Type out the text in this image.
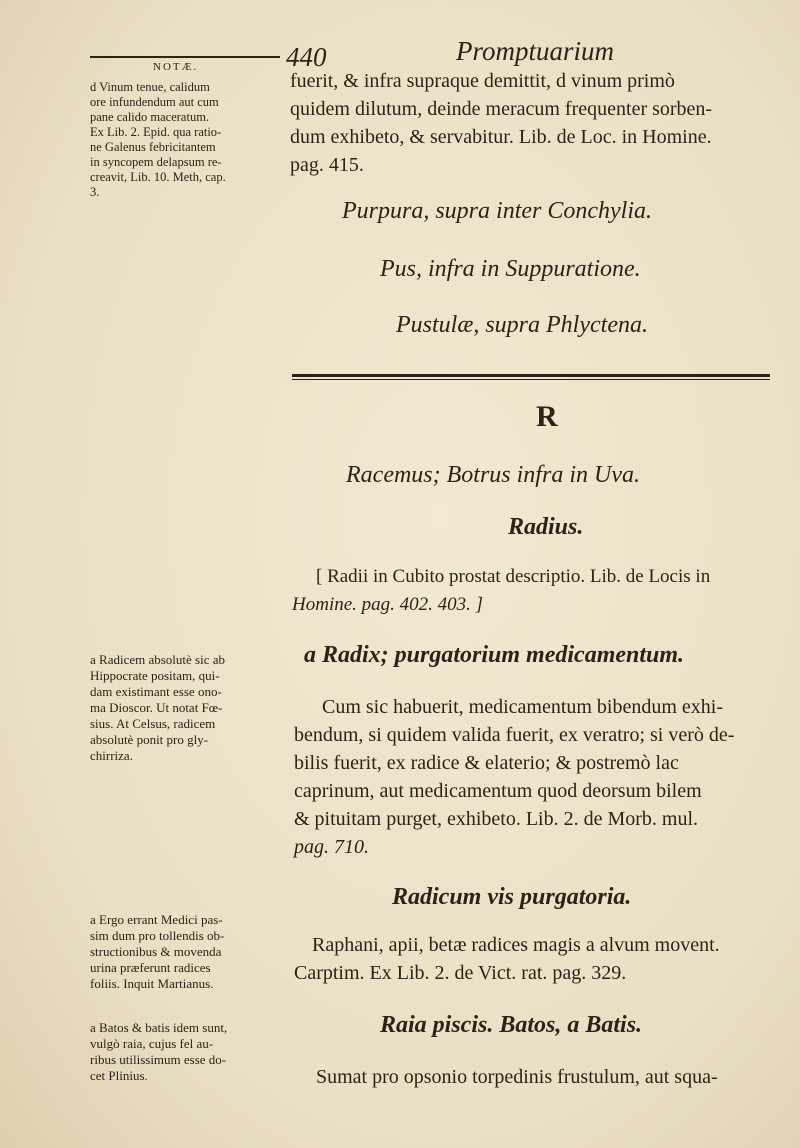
NOTÆ.	440	Promptuarium
d Vinum tenue, calidum
ore infundendum aut cum
pane calido maceratum.
Ex Lib. 2. Epid. qua ratio-
ne Galenus febricitantem
in syncopem delapsum re-
creavit, Lib. 10. Meth, cap.
3.
fuerit, & infra supraque demittit, d vinum primò
quidem dilutum, deinde meracum frequenter sorben-
dum exhibeto, & servabitur. Lib. de Loc. in Homine.
pag. 415.
Purpura, supra inter Conchylia.
Pus, infra in Suppuratione.
Pustulæ, supra Phlyctena.
R
Racemus; Botrus infra in Uva.
Radius.
[ Radii in Cubito prostat descriptio. Lib. de Locis in
Homine. pag. 402. 403. ]
a Radicem absolutè sic ab
Hippocrate positam, qui-
dam existimant esse ono-
ma Dioscor. Ut notat Fœ-
sius. At Celsus, radicem
absolutè ponit pro gly-
chirriza.
a Radix; purgatorium medicamentum.
Cum sic habuerit, medicamentum bibendum exhi-
bendum, si quidem valida fuerit, ex veratro; si verò de-
bilis fuerit, ex radice & elaterio; & postremò lac
caprinum, aut medicamentum quod deorsum bilem
& pituitam purget, exhibeto. Lib. 2. de Morb. mul.
pag. 710.
a Ergo errant Medici pas-
sim dum pro tollendis ob-
structionibus & movenda
urina præferunt radices
foliis. Inquit Martianus.
Radicum vis purgatoria.
Raphani, apii, betæ radices magis a alvum movent.
Carptim. Ex Lib. 2. de Vict. rat. pag. 329.
a Batos & batis idem sunt,
vulgò raia, cujus fel au-
ribus utilissimum esse do-
cet Plinius.
Raia piscis. Batos, a Batis.
Sumat pro opsonio torpedinis frustulum, aut squa-
